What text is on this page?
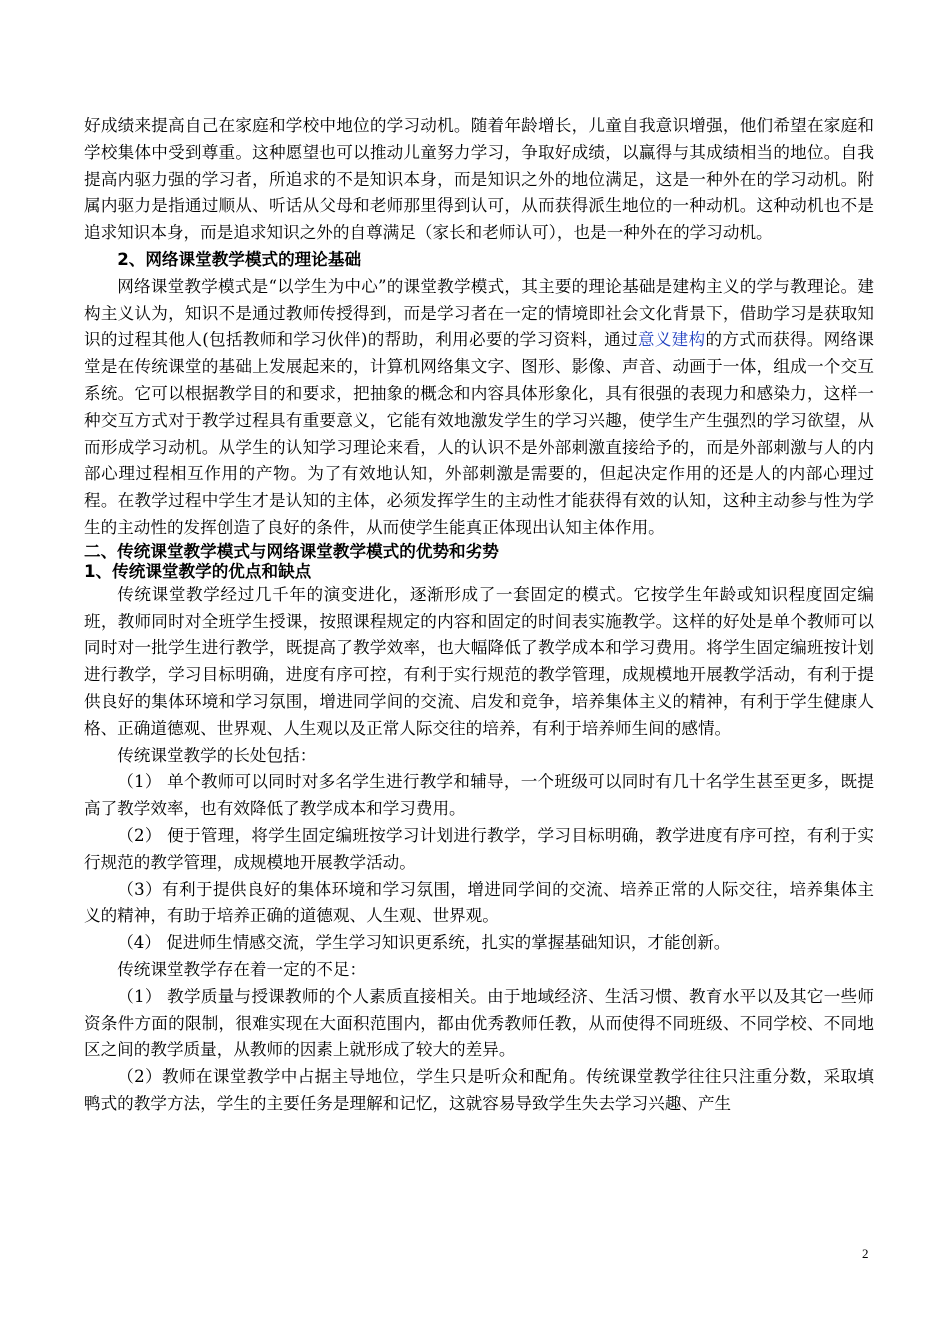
好成绩来提高自己在家庭和学校中地位的学习动机。随着年龄增长，儿童自我意识增强，他们希望在家庭和学校集体中受到尊重。这种愿望也可以推动儿童努力学习，争取好成绩，以赢得与其成绩相当的地位。自我提高内驱力强的学习者，所追求的不是知识本身，而是知识之外的地位满足，这是一种外在的学习动机。附属内驱力是指通过顺从、听话从父母和老师那里得到认可，从而获得派生地位的一种动机。这种动机也不是追求知识本身，而是追求知识之外的自尊满足（家长和老师认可），也是一种外在的学习动机。

2、网络课堂教学模式的理论基础

网络课堂教学模式是“以学生为中心”的课堂教学模式，其主要的理论基础是建构主义的学与教理论。建构主义认为，知识不是通过教师传授得到，而是学习者在一定的情境即社会文化背景下，借助学习是获取知识的过程其他人(包括教师和学习伙伴)的帮助，利用必要的学习资料，通过意义建构的方式而获得。网络课堂是在传统课堂的基础上发展起来的，计算机网络集文字、图形、影像、声音、动画于一体，组成一个交互系统。它可以根据教学目的和要求，把抽象的概念和内容具体形象化，具有很强的表现力和感染力，这样一种交互方式对于教学过程具有重要意义，它能有效地激发学生的学习兴趣，使学生产生强烈的学习欲望，从而形成学习动机。从学生的认知学习理论来看，人的认识不是外部刺激直接给予的，而是外部刺激与人的内部心理过程相互作用的产物。为了有效地认知，外部刺激是需要的，但起决定作用的还是人的内部心理过程。在教学过程中学生才是认知的主体，必须发挥学生的主动性才能获得有效的认知，这种主动参与性为学生的主动性的发挥创造了良好的条件，从而使学生能真正体现出认知主体作用。

二、传统课堂教学模式与网络课堂教学模式的优势和劣势
1、传统课堂教学的优点和缺点

传统课堂教学经过几千年的演变进化，逐渐形成了一套固定的模式。它按学生年龄或知识程度固定编班，教师同时对全班学生授课，按照课程规定的内容和固定的时间表实施教学。这样的好处是单个教师可以同时对一批学生进行教学，既提高了教学效率，也大幅降低了教学成本和学习费用。将学生固定编班按计划进行教学，学习目标明确，进度有序可控，有利于实行规范的教学管理，成规模地开展教学活动，有利于提供良好的集体环境和学习氛围，增进同学间的交流、启发和竞争，培养集体主义的精神，有利于学生健康人格、正确道德观、世界观、人生观以及正常人际交往的培养，有利于培养师生间的感情。

传统课堂教学的长处包括：

（1） 单个教师可以同时对多名学生进行教学和辅导，一个班级可以同时有几十名学生甚至更多，既提高了教学效率，也有效降低了教学成本和学习费用。

（2） 便于管理，将学生固定编班按学习计划进行教学，学习目标明确，教学进度有序可控，有利于实行规范的教学管理，成规模地开展教学活动。

（3）有利于提供良好的集体环境和学习氛围，增进同学间的交流、培养正常的人际交往，培养集体主义的精神，有助于培养正确的道德观、人生观、世界观。

（4） 促进师生情感交流，学生学习知识更系统，扎实的掌握基础知识，才能创新。

传统课堂教学存在着一定的不足：

（1） 教学质量与授课教师的个人素质直接相关。由于地域经济、生活习惯、教育水平以及其它一些师资条件方面的限制，很难实现在大面积范围内，都由优秀教师任教，从而使得不同班级、不同学校、不同地区之间的教学质量，从教师的因素上就形成了较大的差异。

（2）教师在课堂教学中占据主导地位，学生只是听众和配角。传统课堂教学往往只注重分数，采取填鸭式的教学方法，学生的主要任务是理解和记忆，这就容易导致学生失去学习兴趣、产生

2
